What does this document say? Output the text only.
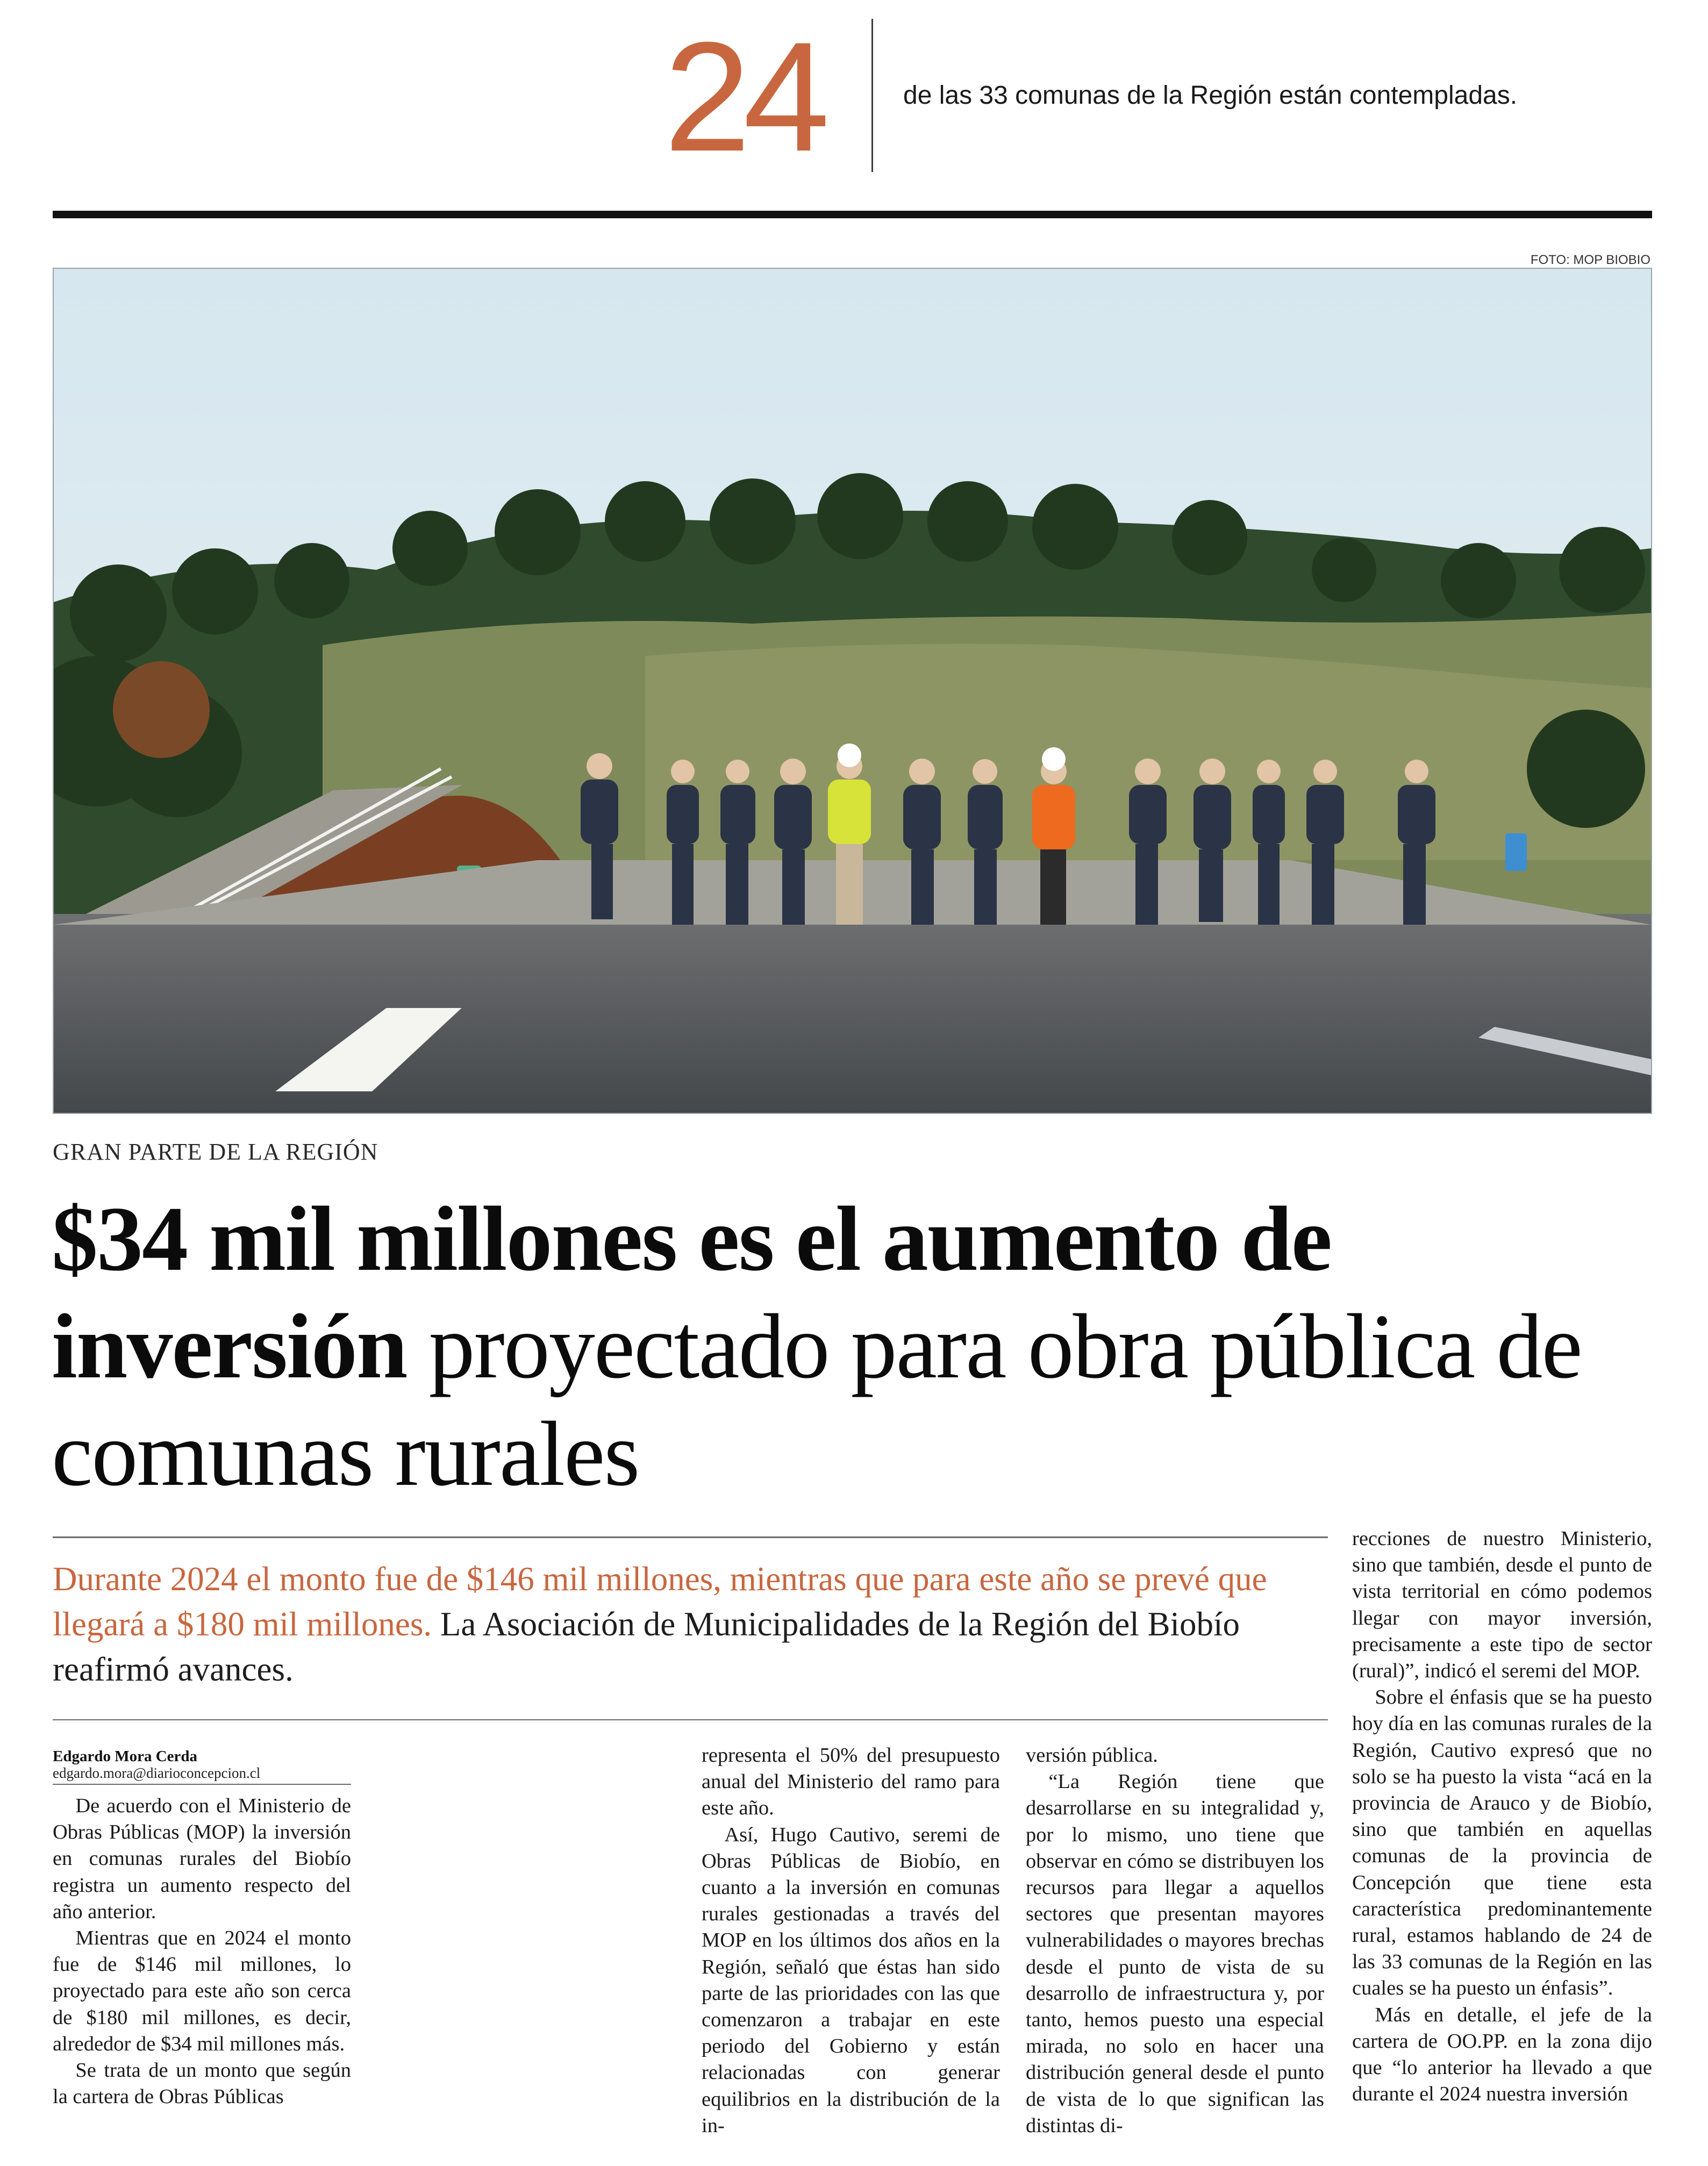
24	de las 33 comunas de la Región están contempladas.
FOTO: MOP BIOBIO
GRAN PARTE DE LA REGIÓN
$34 mil millones es el aumento de inversión proyectado para obra pública de comunas rurales
Durante 2024 el monto fue de $146 mil millones, mientras que para este año se prevé que llegará a $180 mil millones. La Asociación de Municipalidades de la Región del Biobío reafirmó avances.
Edgardo Mora Cerda
edgardo.mora@diarioconcepcion.cl

De acuerdo con el Ministerio de Obras Públicas (MOP) la inversión en comunas rurales del Biobío registra un aumento respecto del año anterior.

Mientras que en 2024 el monto fue de $146 mil millones, lo proyectado para este año son cerca de $180 mil millones, es decir, alrededor de $34 mil millones más.

Se trata de un monto que según la cartera de Obras Públicas

representa el 50% del presupuesto anual del Ministerio del ramo para este año.

Así, Hugo Cautivo, seremi de Obras Públicas de Biobío, en cuanto a la inversión en comunas rurales gestionadas a través del MOP en los últimos dos años en la Región, señaló que éstas han sido parte de las prioridades con las que comenzaron a trabajar en este periodo del Gobierno y están relacionadas con generar equilibrios en la distribución de la in-

versión pública.

“La Región tiene que desarrollarse en su integralidad y, por lo mismo, uno tiene que observar en cómo se distribuyen los recursos para llegar a aquellos sectores que presentan mayores vulnerabilidades o mayores brechas desde el punto de vista de su desarrollo de infraestructura y, por tanto, hemos puesto una especial mirada, no solo en hacer una distribución general desde el punto de vista de lo que significan las distintas di-

recciones de nuestro Ministerio, sino que también, desde el punto de vista territorial en cómo podemos llegar con mayor inversión, precisamente a este tipo de sector (rural)”, indicó el seremi del MOP.

Sobre el énfasis que se ha puesto hoy día en las comunas rurales de la Región, Cautivo expresó que no solo se ha puesto la vista “acá en la provincia de Arauco y de Biobío, sino que también en aquellas comunas de la provincia de Concepción que tiene esta característica predominantemente rural, estamos hablando de 24 de las 33 comunas de la Región en las cuales se ha puesto un énfasis”.

Más en detalle, el jefe de la cartera de OO.PP. en la zona dijo que “lo anterior ha llevado a que durante el 2024 nuestra inversión
